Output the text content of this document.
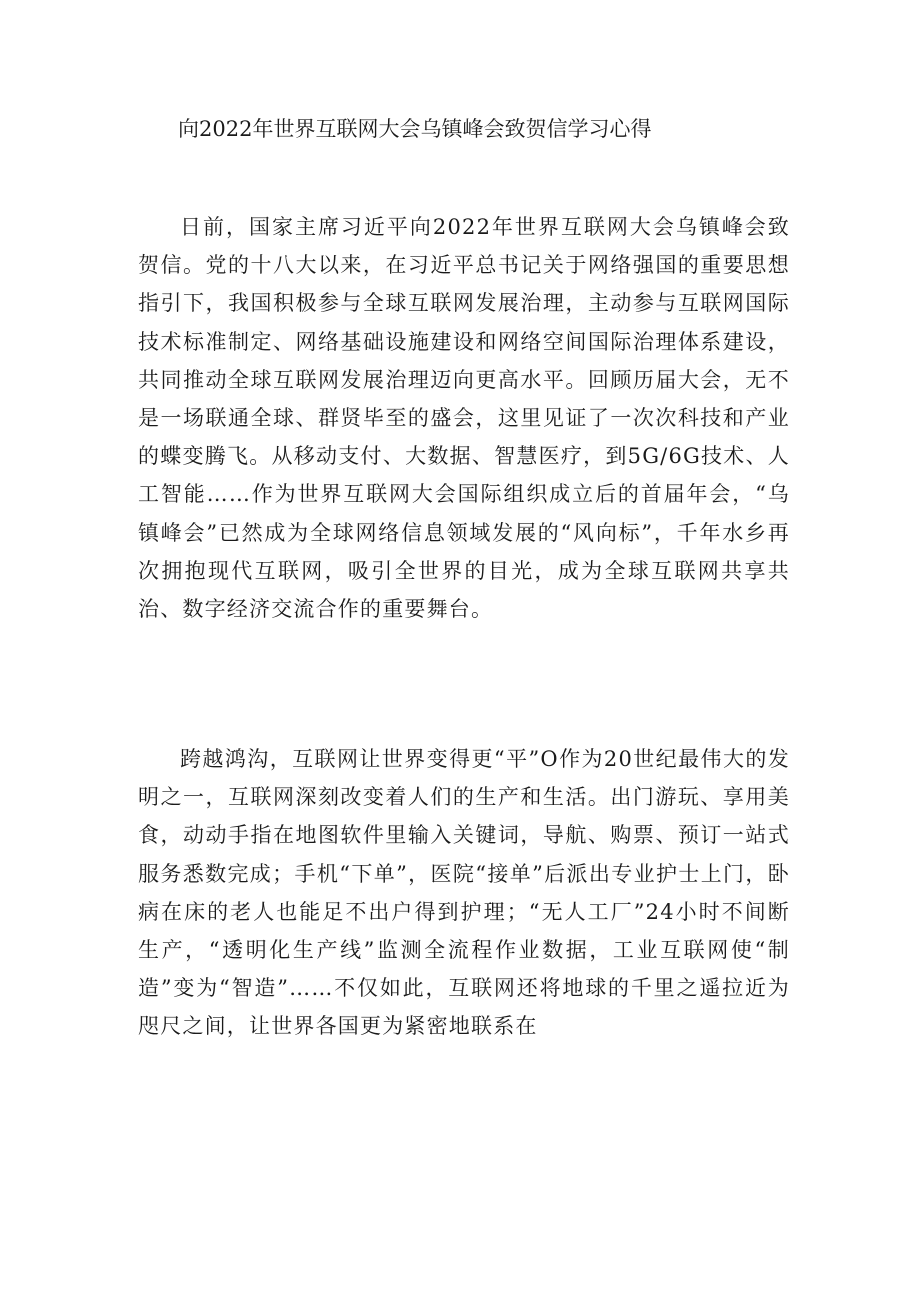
向2022年世界互联网大会乌镇峰会致贺信学习心得

日前，国家主席习近平向2022年世界互联网大会乌镇峰会致贺信。党的十八大以来，在习近平总书记关于网络强国的重要思想指引下，我国积极参与全球互联网发展治理，主动参与互联网国际技术标准制定、网络基础设施建设和网络空间国际治理体系建设，共同推动全球互联网发展治理迈向更高水平。回顾历届大会，无不是一场联通全球、群贤毕至的盛会，这里见证了一次次科技和产业的蝶变腾飞。从移动支付、大数据、智慧医疗，到5G/6G技术、人工智能……作为世界互联网大会国际组织成立后的首届年会，“乌镇峰会”已然成为全球网络信息领域发展的“风向标”，千年水乡再次拥抱现代互联网，吸引全世界的目光，成为全球互联网共享共治、数字经济交流合作的重要舞台。

跨越鸿沟，互联网让世界变得更“平”O作为20世纪最伟大的发明之一，互联网深刻改变着人们的生产和生活。出门游玩、享用美食，动动手指在地图软件里输入关键词，导航、购票、预订一站式服务悉数完成；手机“下单”，医院“接单”后派出专业护士上门，卧病在床的老人也能足不出户得到护理；“无人工厂”24小时不间断生产，“透明化生产线”监测全流程作业数据，工业互联网使“制造”变为“智造”……不仅如此，互联网还将地球的千里之遥拉近为咫尺之间，让世界各国更为紧密地联系在
